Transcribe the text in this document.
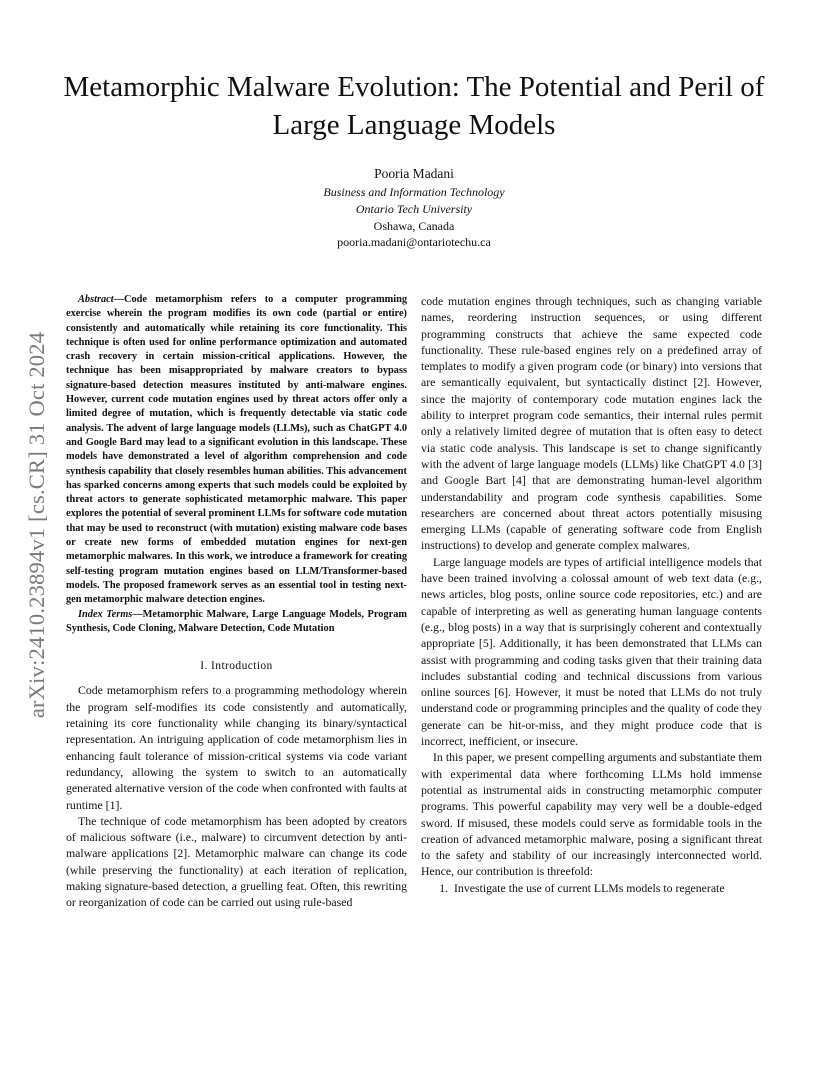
arXiv:2410.23894v1 [cs.CR] 31 Oct 2024
Metamorphic Malware Evolution: The Potential and Peril of Large Language Models
Pooria Madani
Business and Information Technology
Ontario Tech University
Oshawa, Canada
pooria.madani@ontariotechu.ca

Abstract—Code metamorphism refers to a computer programming exercise wherein the program modifies its own code (partial or entire) consistently and automatically while retaining its core functionality. This technique is often used for online performance optimization and automated crash recovery in certain mission-critical applications. However, the technique has been misappropriated by malware creators to bypass signature-based detection measures instituted by anti-malware engines. However, current code mutation engines used by threat actors offer only a limited degree of mutation, which is frequently detectable via static code analysis. The advent of large language models (LLMs), such as ChatGPT 4.0 and Google Bard may lead to a significant evolution in this landscape. These models have demonstrated a level of algorithm comprehension and code synthesis capability that closely resembles human abilities. This advancement has sparked concerns among experts that such models could be exploited by threat actors to generate sophisticated metamorphic malware. This paper explores the potential of several prominent LLMs for software code mutation that may be used to reconstruct (with mutation) existing malware code bases or create new forms of embedded mutation engines for next-gen metamorphic malwares. In this work, we introduce a framework for creating self-testing program mutation engines based on LLM/Transformer-based models. The proposed framework serves as an essential tool in testing next-gen metamorphic malware detection engines.

Index Terms—Metamorphic Malware, Large Language Models, Program Synthesis, Code Cloning, Malware Detection, Code Mutation

I. Introduction

Code metamorphism refers to a programming methodology wherein the program self-modifies its code consistently and automatically, retaining its core functionality while changing its binary/syntactical representation. An intriguing application of code metamorphism lies in enhancing fault tolerance of mission-critical systems via code variant redundancy, allowing the system to switch to an automatically generated alternative version of the code when confronted with faults at runtime [1].

The technique of code metamorphism has been adopted by creators of malicious software (i.e., malware) to circumvent detection by anti-malware applications [2]. Metamorphic malware can change its code (while preserving the functionality) at each iteration of replication, making signature-based detection, a gruelling feat. Often, this rewriting or reorganization of code can be carried out using rule-based

code mutation engines through techniques, such as changing variable names, reordering instruction sequences, or using different programming constructs that achieve the same expected code functionality. These rule-based engines rely on a predefined array of templates to modify a given program code (or binary) into versions that are semantically equivalent, but syntactically distinct [2]. However, since the majority of contemporary code mutation engines lack the ability to interpret program code semantics, their internal rules permit only a relatively limited degree of mutation that is often easy to detect via static code analysis. This landscape is set to change significantly with the advent of large language models (LLMs) like ChatGPT 4.0 [3] and Google Bart [4] that are demonstrating human-level algorithm understandability and program code synthesis capabilities. Some researchers are concerned about threat actors potentially misusing emerging LLMs (capable of generating software code from English instructions) to develop and generate complex malwares.

Large language models are types of artificial intelligence models that have been trained involving a colossal amount of web text data (e.g., news articles, blog posts, online source code repositories, etc.) and are capable of interpreting as well as generating human language contents (e.g., blog posts) in a way that is surprisingly coherent and contextually appropriate [5]. Additionally, it has been demonstrated that LLMs can assist with programming and coding tasks given that their training data includes substantial coding and technical discussions from various online sources [6]. However, it must be noted that LLMs do not truly understand code or programming principles and the quality of code they generate can be hit-or-miss, and they might produce code that is incorrect, inefficient, or insecure.

In this paper, we present compelling arguments and substantiate them with experimental data where forthcoming LLMs hold immense potential as instrumental aids in constructing metamorphic computer programs. This powerful capability may very well be a double-edged sword. If misused, these models could serve as formidable tools in the creation of advanced metamorphic malware, posing a significant threat to the safety and stability of our increasingly interconnected world. Hence, our contribution is threefold:

1. Investigate the use of current LLMs models to regenerate
